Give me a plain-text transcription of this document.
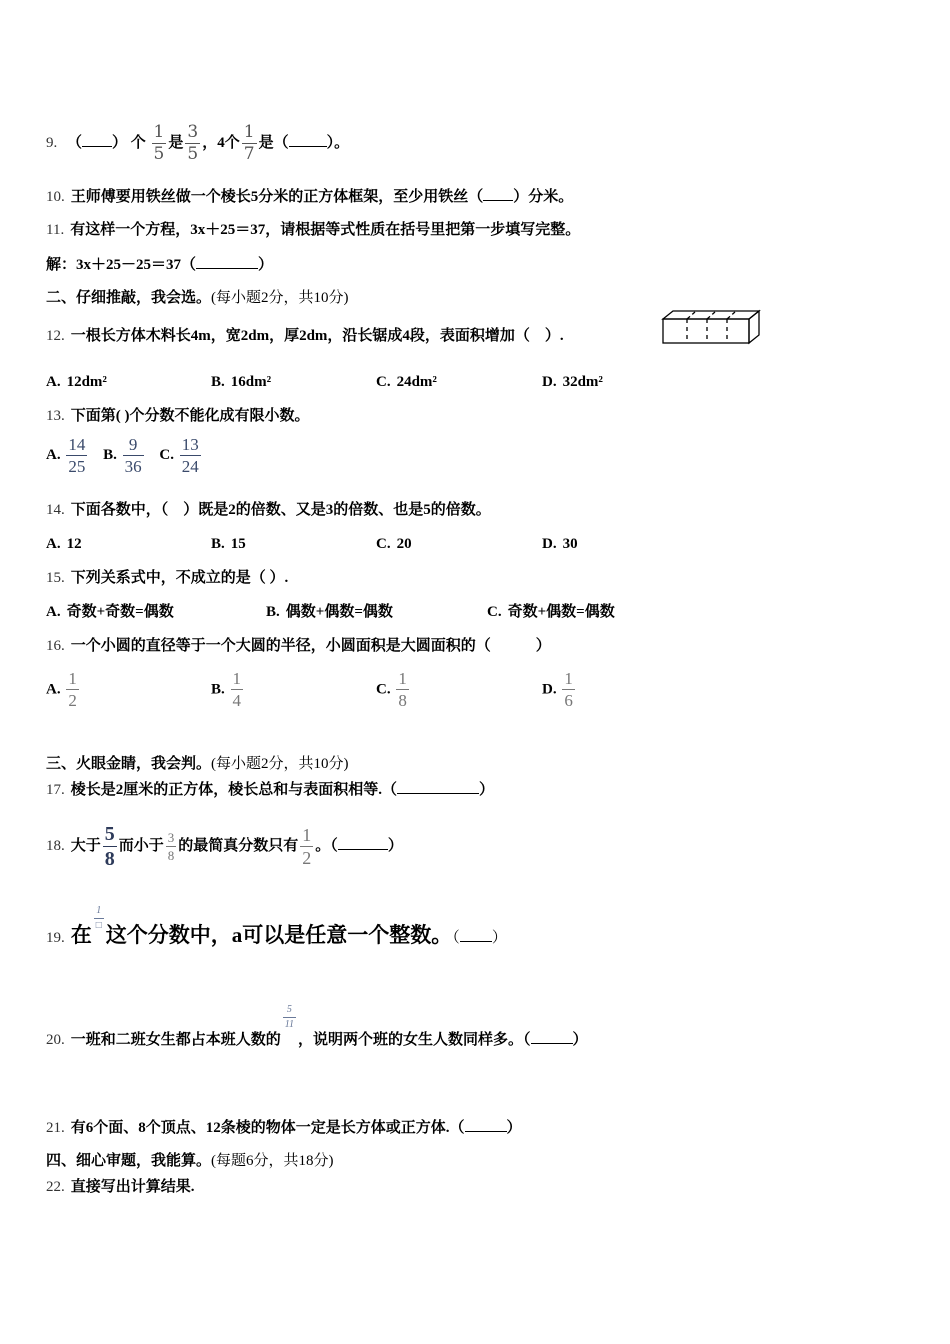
9. （ ） 个 $\frac{1}{5}$ 是 $\frac{3}{5}$ ，4个 $\frac{1}{7}$ 是（	）。
10. 王师傅要用铁丝做一个棱长5分米的正方体框架，至少用铁丝（ ）分米。
11. 有这样一个方程，3x＋25＝37，请根据等式性质在括号里把第一步填写完整。
解：3x＋25－25＝37（	）
二、仔细推敲，我会选。(每小题2分，共10分)
12. 一根长方体木料长4m，宽2dm，厚2dm，沿长锯成4段，表面积增加（　）.
A. 12dm²	B. 16dm²	C. 24dm²	D. 32dm²
13. 下面第( )个分数不能化成有限小数。
A. $\frac{14}{25} B$. $\frac{9}{36} C$. $\frac{13}{24}$
14. 下面各数中，（　）既是2的倍数、又是3的倍数、也是5的倍数。
A. 12	B. 15	C. 20	D. 30
15. 下列关系式中，不成立的是（ ）.
A. 奇数+奇数=偶数	B. 偶数+偶数=偶数	C. 奇数+偶数=偶数
16. 一个小圆的直径等于一个大圆的半径，小圆面积是大圆面积的（　　　）
A. $\frac{1}{2}$	B. $\frac{1}{4}$	C. $\frac{1}{8}$	D. $\frac{1}{6}$
三、火眼金睛，我会判。(每小题2分，共10分)
17. 棱长是2厘米的正方体，棱长总和与表面积相等.（	）
18. 大于 $\frac{5}{8}$ 而小于 $\frac{3}{8}$ 的最简真分数只有 $\frac{1}{2}$ 。（	）
19. 在
$\frac{1}{□}$
这个分数中，a可以是任意一个整数。（ ）
20. 一班和二班女生都占本班人数的
$\frac{5}{11}$
，说明两个班的女生人数同样多。（	）
21. 有6个面、8个顶点、12条棱的物体一定是长方体或正方体.（	）
四、细心审题，我能算。(每题6分，共18分)
22. 直接写出计算结果.
